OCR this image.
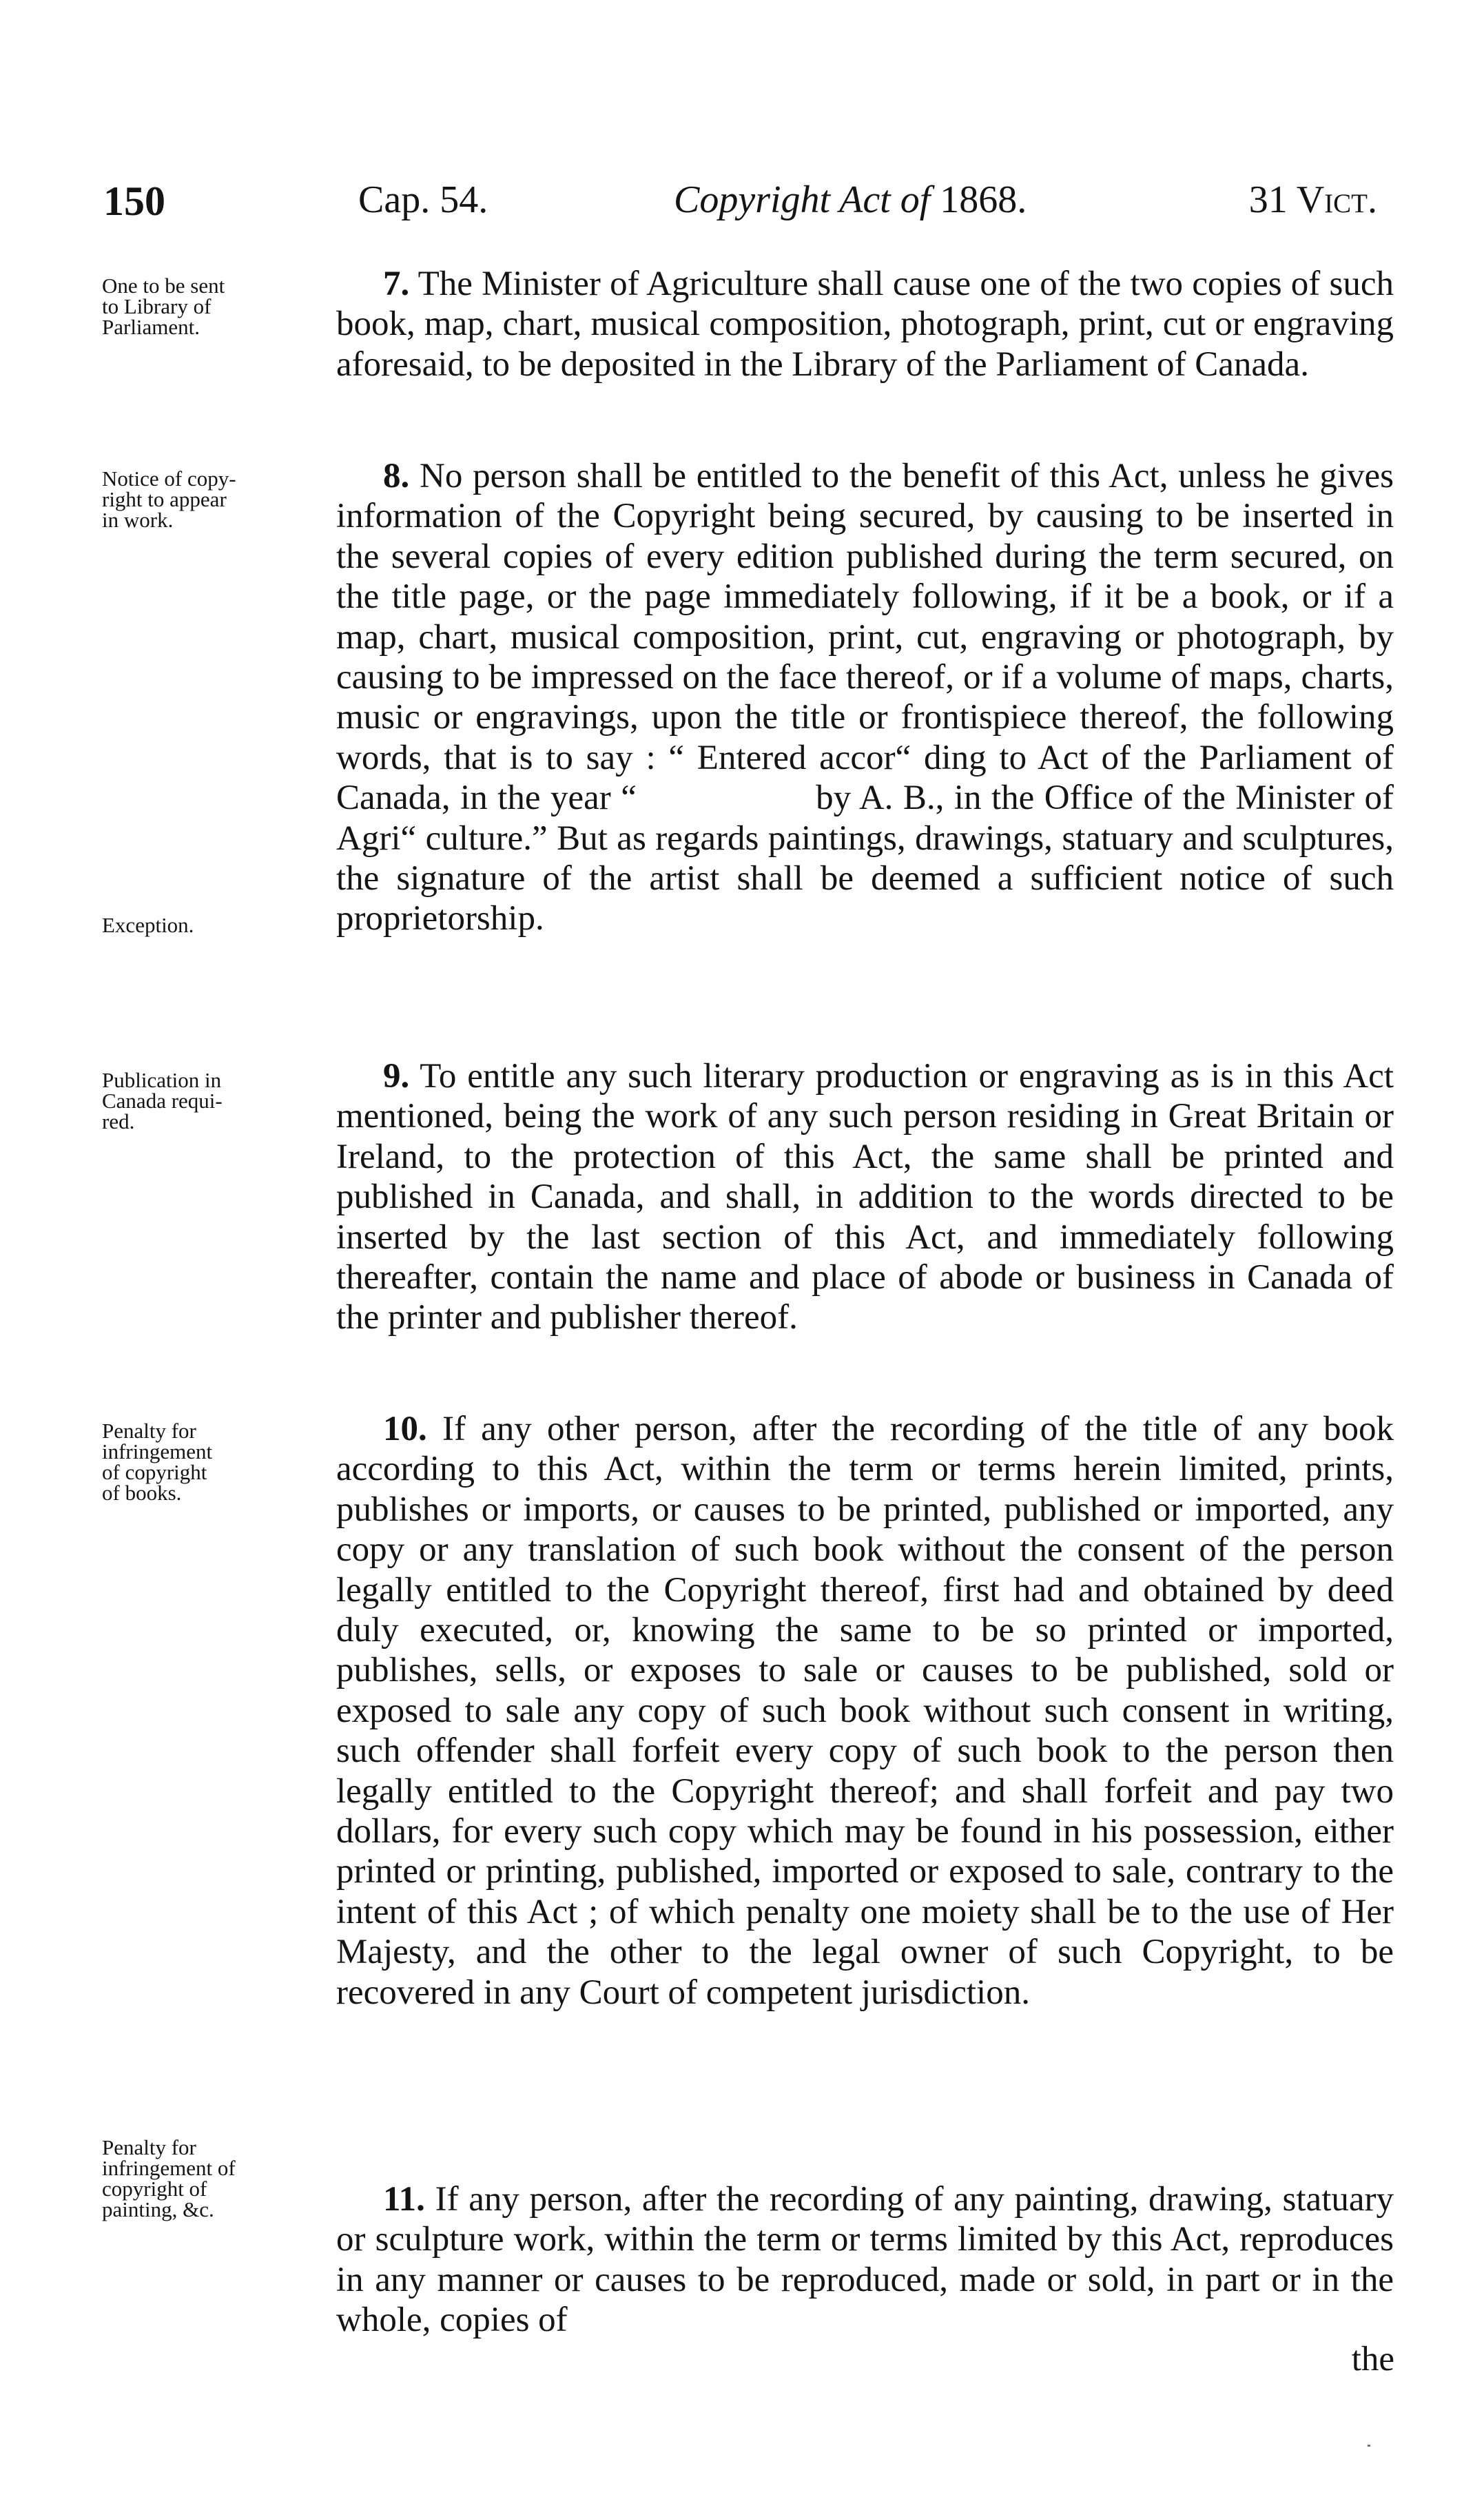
150	Cap. 54.	Copyright Act of 1868.	31 Vict.
One to be sent
to Library of
Parliament.
Notice of copy-
right to appear
in work.
Exception.
Publication in
Canada requi-
red.
Penalty for
infringement
of copyright
of books.
Penalty for
infringement of
copyright of
painting, &c.

7. The Minister of Agriculture shall cause one of the two copies of such book, map, chart, musical composition, photograph, print, cut or engraving aforesaid, to be deposited in the Library of the Parliament of Canada.

8. No person shall be entitled to the benefit of this Act, unless he gives information of the Copyright being secured, by causing to be inserted in the several copies of every edition published during the term secured, on the title page, or the page immediately following, if it be a book, or if a map, chart, musical composition, print, cut, engraving or photograph, by causing to be impressed on the face thereof, or if a volume of maps, charts, music or engravings, upon the title or frontispiece thereof, the following words, that is to say : “ Entered accor“ ding to Act of the Parliament of Canada, in the year “                  by A. B., in the Office of the Minister of Agri“ culture.” But as regards paintings, drawings, statuary and sculptures, the signature of the artist shall be deemed a sufficient notice of such proprietorship.

9. To entitle any such literary production or engraving as is in this Act mentioned, being the work of any such person residing in Great Britain or Ireland, to the protection of this Act, the same shall be printed and published in Canada, and shall, in addition to the words directed to be inserted by the last section of this Act, and immediately following thereafter, contain the name and place of abode or business in Canada of the printer and publisher thereof.

10. If any other person, after the recording of the title of any book according to this Act, within the term or terms herein limited, prints, publishes or imports, or causes to be printed, published or imported, any copy or any translation of such book without the consent of the person legally entitled to the Copyright thereof, first had and obtained by deed duly executed, or, knowing the same to be so printed or imported, publishes, sells, or exposes to sale or causes to be published, sold or exposed to sale any copy of such book without such consent in writing, such offender shall forfeit every copy of such book to the person then legally entitled to the Copyright thereof; and shall forfeit and pay two dollars, for every such copy which may be found in his possession, either printed or printing, published, imported or exposed to sale, contrary to the intent of this Act ; of which penalty one moiety shall be to the use of Her Majesty, and the other to the legal owner of such Copyright, to be recovered in any Court of competent jurisdiction.

11. If any person, after the recording of any painting, drawing, statuary or sculpture work, within the term or terms limited by this Act, reproduces in any manner or causes to be reproduced, made or sold, in part or in the whole, copies of

the
